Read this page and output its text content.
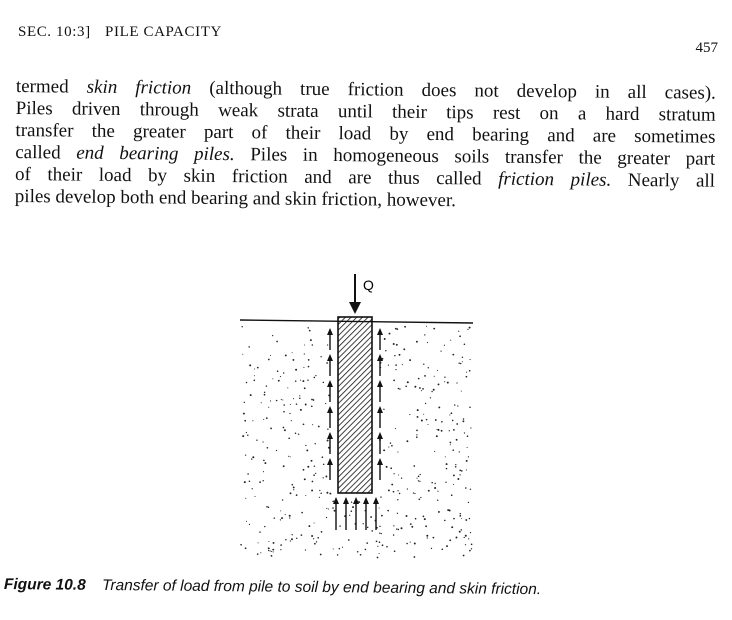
SEC. 10:3] PILE CAPACITY
457
termed skin friction (although true friction does not develop in all cases).
Piles driven through weak strata until their tips rest on a hard stratum
transfer the greater part of their load by end bearing and are sometimes
called end bearing piles. Piles in homogeneous soils transfer the greater part
of their load by skin friction and are thus called friction piles. Nearly all
piles develop both end bearing and skin friction, however.
Q
Figure 10.8 Transfer of load from pile to soil by end bearing and skin friction.
